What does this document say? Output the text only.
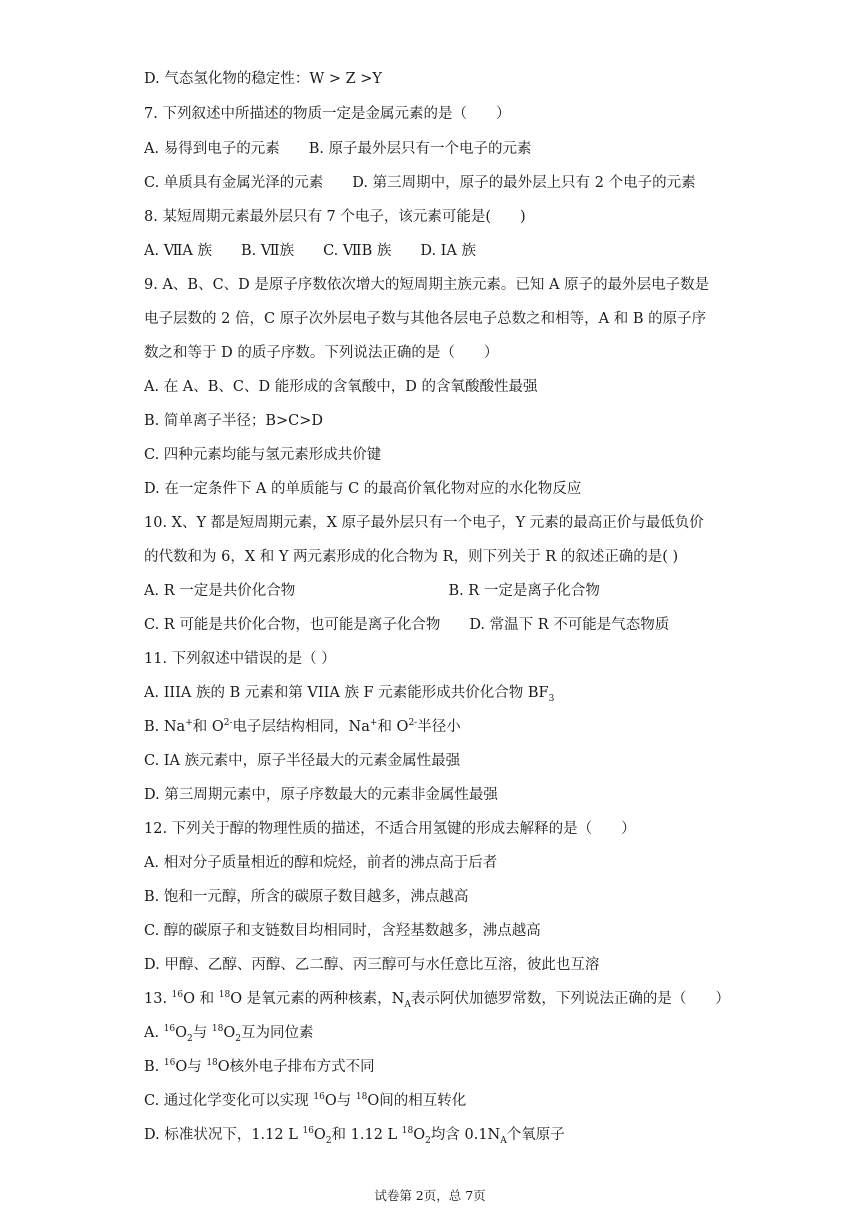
D. 气态氢化物的稳定性：W > Z >Y
7. 下列叙述中所描述的物质一定是金属元素的是（　　）
A. 易得到电子的元素　　B. 原子最外层只有一个电子的元素
C. 单质具有金属光泽的元素　　D. 第三周期中，原子的最外层上只有 2 个电子的元素
8. 某短周期元素最外层只有 7 个电子，该元素可能是(　　)
A. ⅦA 族　　B. Ⅶ族　　C. ⅦB 族　　D. ⅠA 族
9. A、B、C、D 是原子序数依次增大的短周期主族元素。已知 A 原子的最外层电子数是
电子层数的 2 倍，C 原子次外层电子数与其他各层电子总数之和相等，A 和 B 的原子序
数之和等于 D 的质子序数。下列说法正确的是（　　）
A. 在 A、B、C、D 能形成的含氧酸中，D 的含氧酸酸性最强
B. 简单离子半径；B>C>D
C. 四种元素均能与氢元素形成共价键
D. 在一定条件下 A 的单质能与 C 的最高价氧化物对应的水化物反应
10. X、Y 都是短周期元素，X 原子最外层只有一个电子，Y 元素的最高正价与最低负价
的代数和为 6，X 和 Y 两元素形成的化合物为 R，则下列关于 R 的叙述正确的是( )
A. R 一定是共价化合物	B. R 一定是离子化合物
C. R 可能是共价化合物，也可能是离子化合物　　D. 常温下 R 不可能是气态物质
11. 下列叙述中错误的是（ ）
A. IIIA 族的 B 元素和第 VIIA 族 F 元素能形成共价化合物 $BF_3$
B. Na+和 $O^{2-}$电子层结构相同，Na+和 $O^{2-}$半径小
C. IA 族元素中，原子半径最大的元素金属性最强
D. 第三周期元素中，原子序数最大的元素非金属性最强
12. 下列关于醇的物理性质的描述，不适合用氢键的形成去解释的是（　　）
A. 相对分子质量相近的醇和烷烃，前者的沸点高于后者
B. 饱和一元醇，所含的碳原子数目越多，沸点越高
C. 醇的碳原子和支链数目均相同时，含羟基数越多，沸点越高
D. 甲醇、乙醇、丙醇、乙二醇、丙三醇可与水任意比互溶，彼此也互溶
13. $^{16}$O 和 $^{18}$O 是氧元素的两种核素，$N_A$表示阿伏加德罗常数，下列说法正确的是（　　）
A. $^{16}O_2$与 $^{18}O_2$互为同位素
B. $^{16}$O与 $^{18}$O核外电子排布方式不同
C. 通过化学变化可以实现 $^{16}$O与 $^{18}$O间的相互转化
D. 标准状况下，1.12 L $^{16}O_2$和 1.12 L $^{18}O_2$均含 $0.1N_A$个氧原子
试卷第 2页，总 7页
